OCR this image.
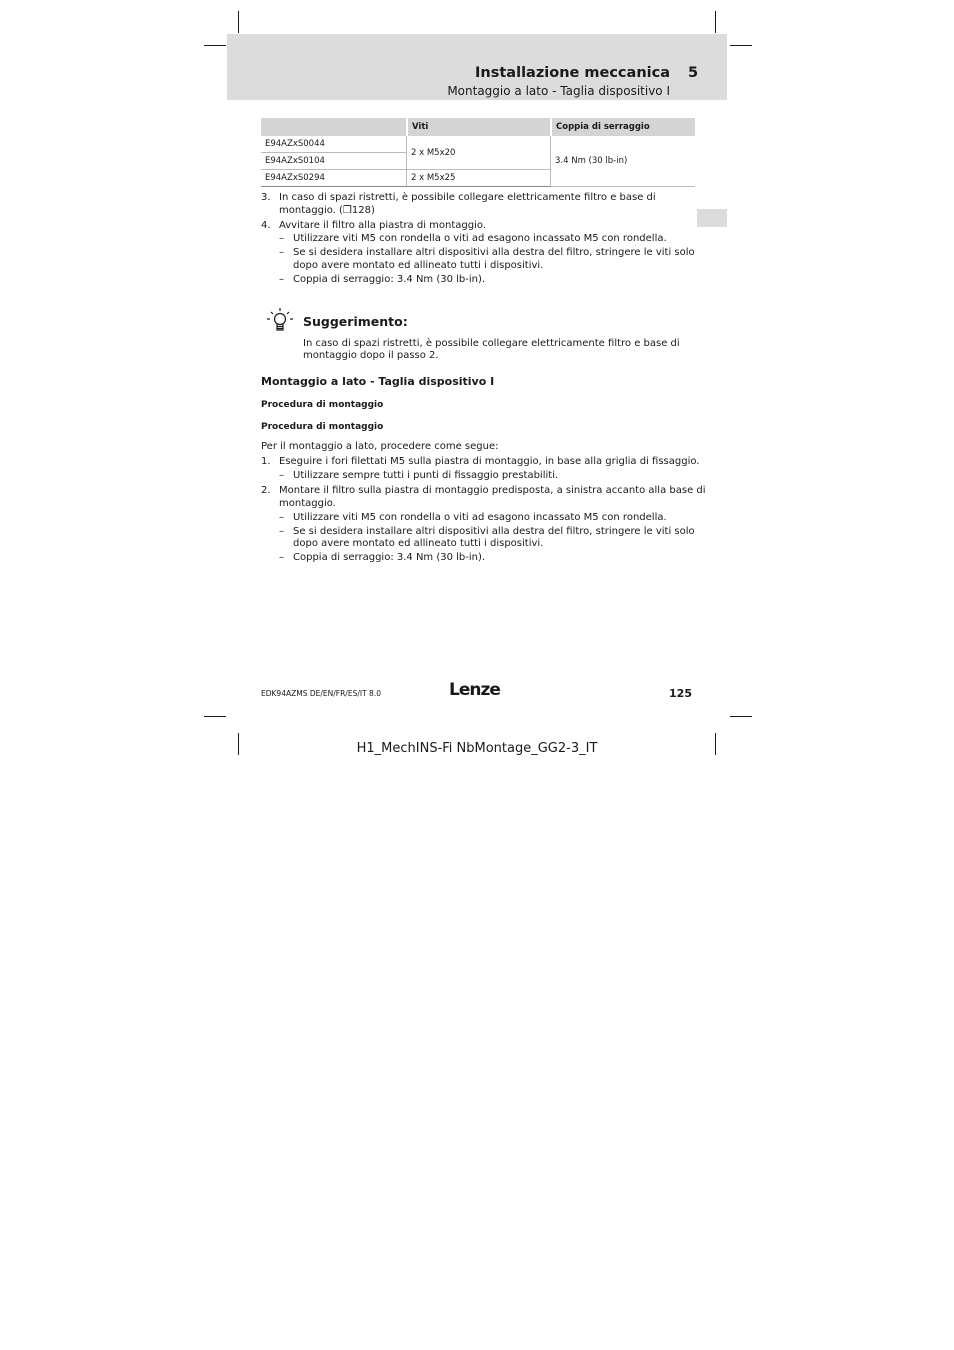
Installazione meccanica 5
Montaggio a lato - Taglia dispositivo I
	Viti	Coppia di serraggio
E94AZxS0044	2 x M5x20	3.4 Nm (30 lb-in)
E94AZxS0104		
E94AZxS0294	2 x M5x25	
3. In caso di spazi ristretti, è possibile collegare elettricamente filtro e base di
montaggio. (❒128)
4. Avvitare il filtro alla piastra di montaggio.
– Utilizzare viti M5 con rondella o viti ad esagono incassato M5 con rondella.
– Se si desidera installare altri dispositivi alla destra del filtro, stringere le viti solo
dopo avere montato ed allineato tutti i dispositivi.
– Coppia di serraggio: 3.4 Nm (30 lb-in).
Suggerimento:
In caso di spazi ristretti, è possibile collegare elettricamente filtro e base di
montaggio dopo il passo 2.
Montaggio a lato - Taglia dispositivo I
Procedura di montaggio
Procedura di montaggio
Per il montaggio a lato, procedere come segue:
1. Eseguire i fori filettati M5 sulla piastra di montaggio, in base alla griglia di fissaggio.
– Utilizzare sempre tutti i punti di fissaggio prestabiliti.
2. Montare il filtro sulla piastra di montaggio predisposta, a sinistra accanto alla base di
montaggio.
– Utilizzare viti M5 con rondella o viti ad esagono incassato M5 con rondella.
– Se si desidera installare altri dispositivi alla destra del filtro, stringere le viti solo
dopo avere montato ed allineato tutti i dispositivi.
– Coppia di serraggio: 3.4 Nm (30 lb-in).
EDK94AZMS DE/EN/FR/ES/IT 8.0	Lenze	125
H1_MechINS-Fi NbMontage_GG2-3_IT
